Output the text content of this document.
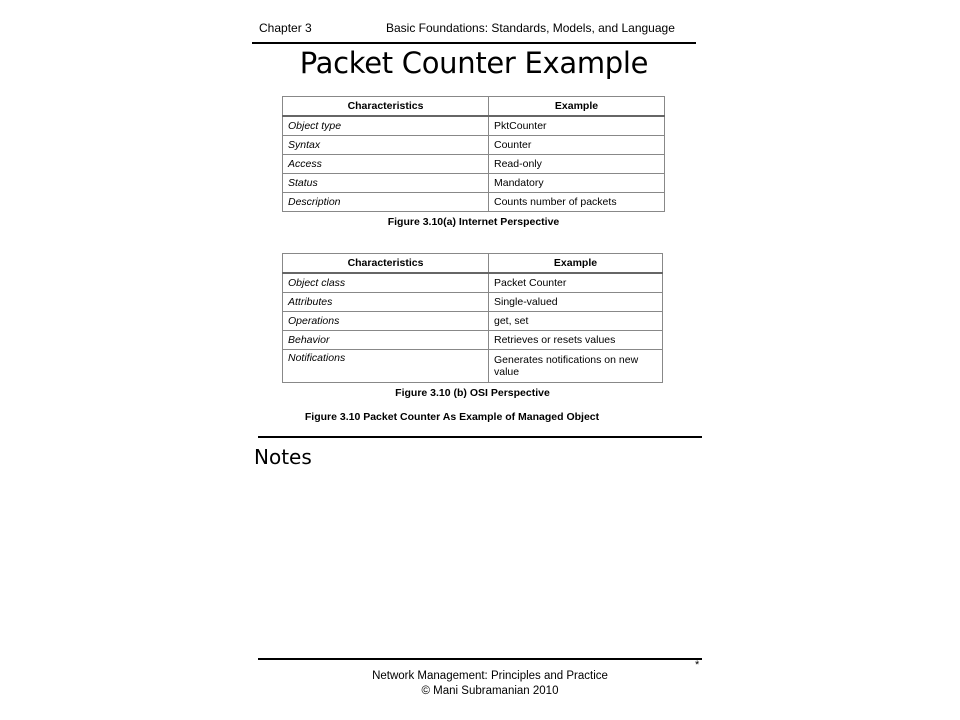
Chapter 3	Basic Foundations: Standards, Models, and Language
Packet Counter Example
Characteristics	Example
Object type	PktCounter
Syntax	Counter
Access	Read-only
Status	Mandatory
Description	Counts number of packets
Figure 3.10(a) Internet Perspective
Characteristics	Example
Object class	Packet Counter
Attributes	Single-valued
Operations	get, set
Behavior	Retrieves or resets values
Notifications	Generates notifications on new value
Figure 3.10 (b) OSI Perspective
Figure 3.10 Packet Counter As Example of Managed Object
Notes
*
Network Management: Principles and Practice
© Mani Subramanian 2010
